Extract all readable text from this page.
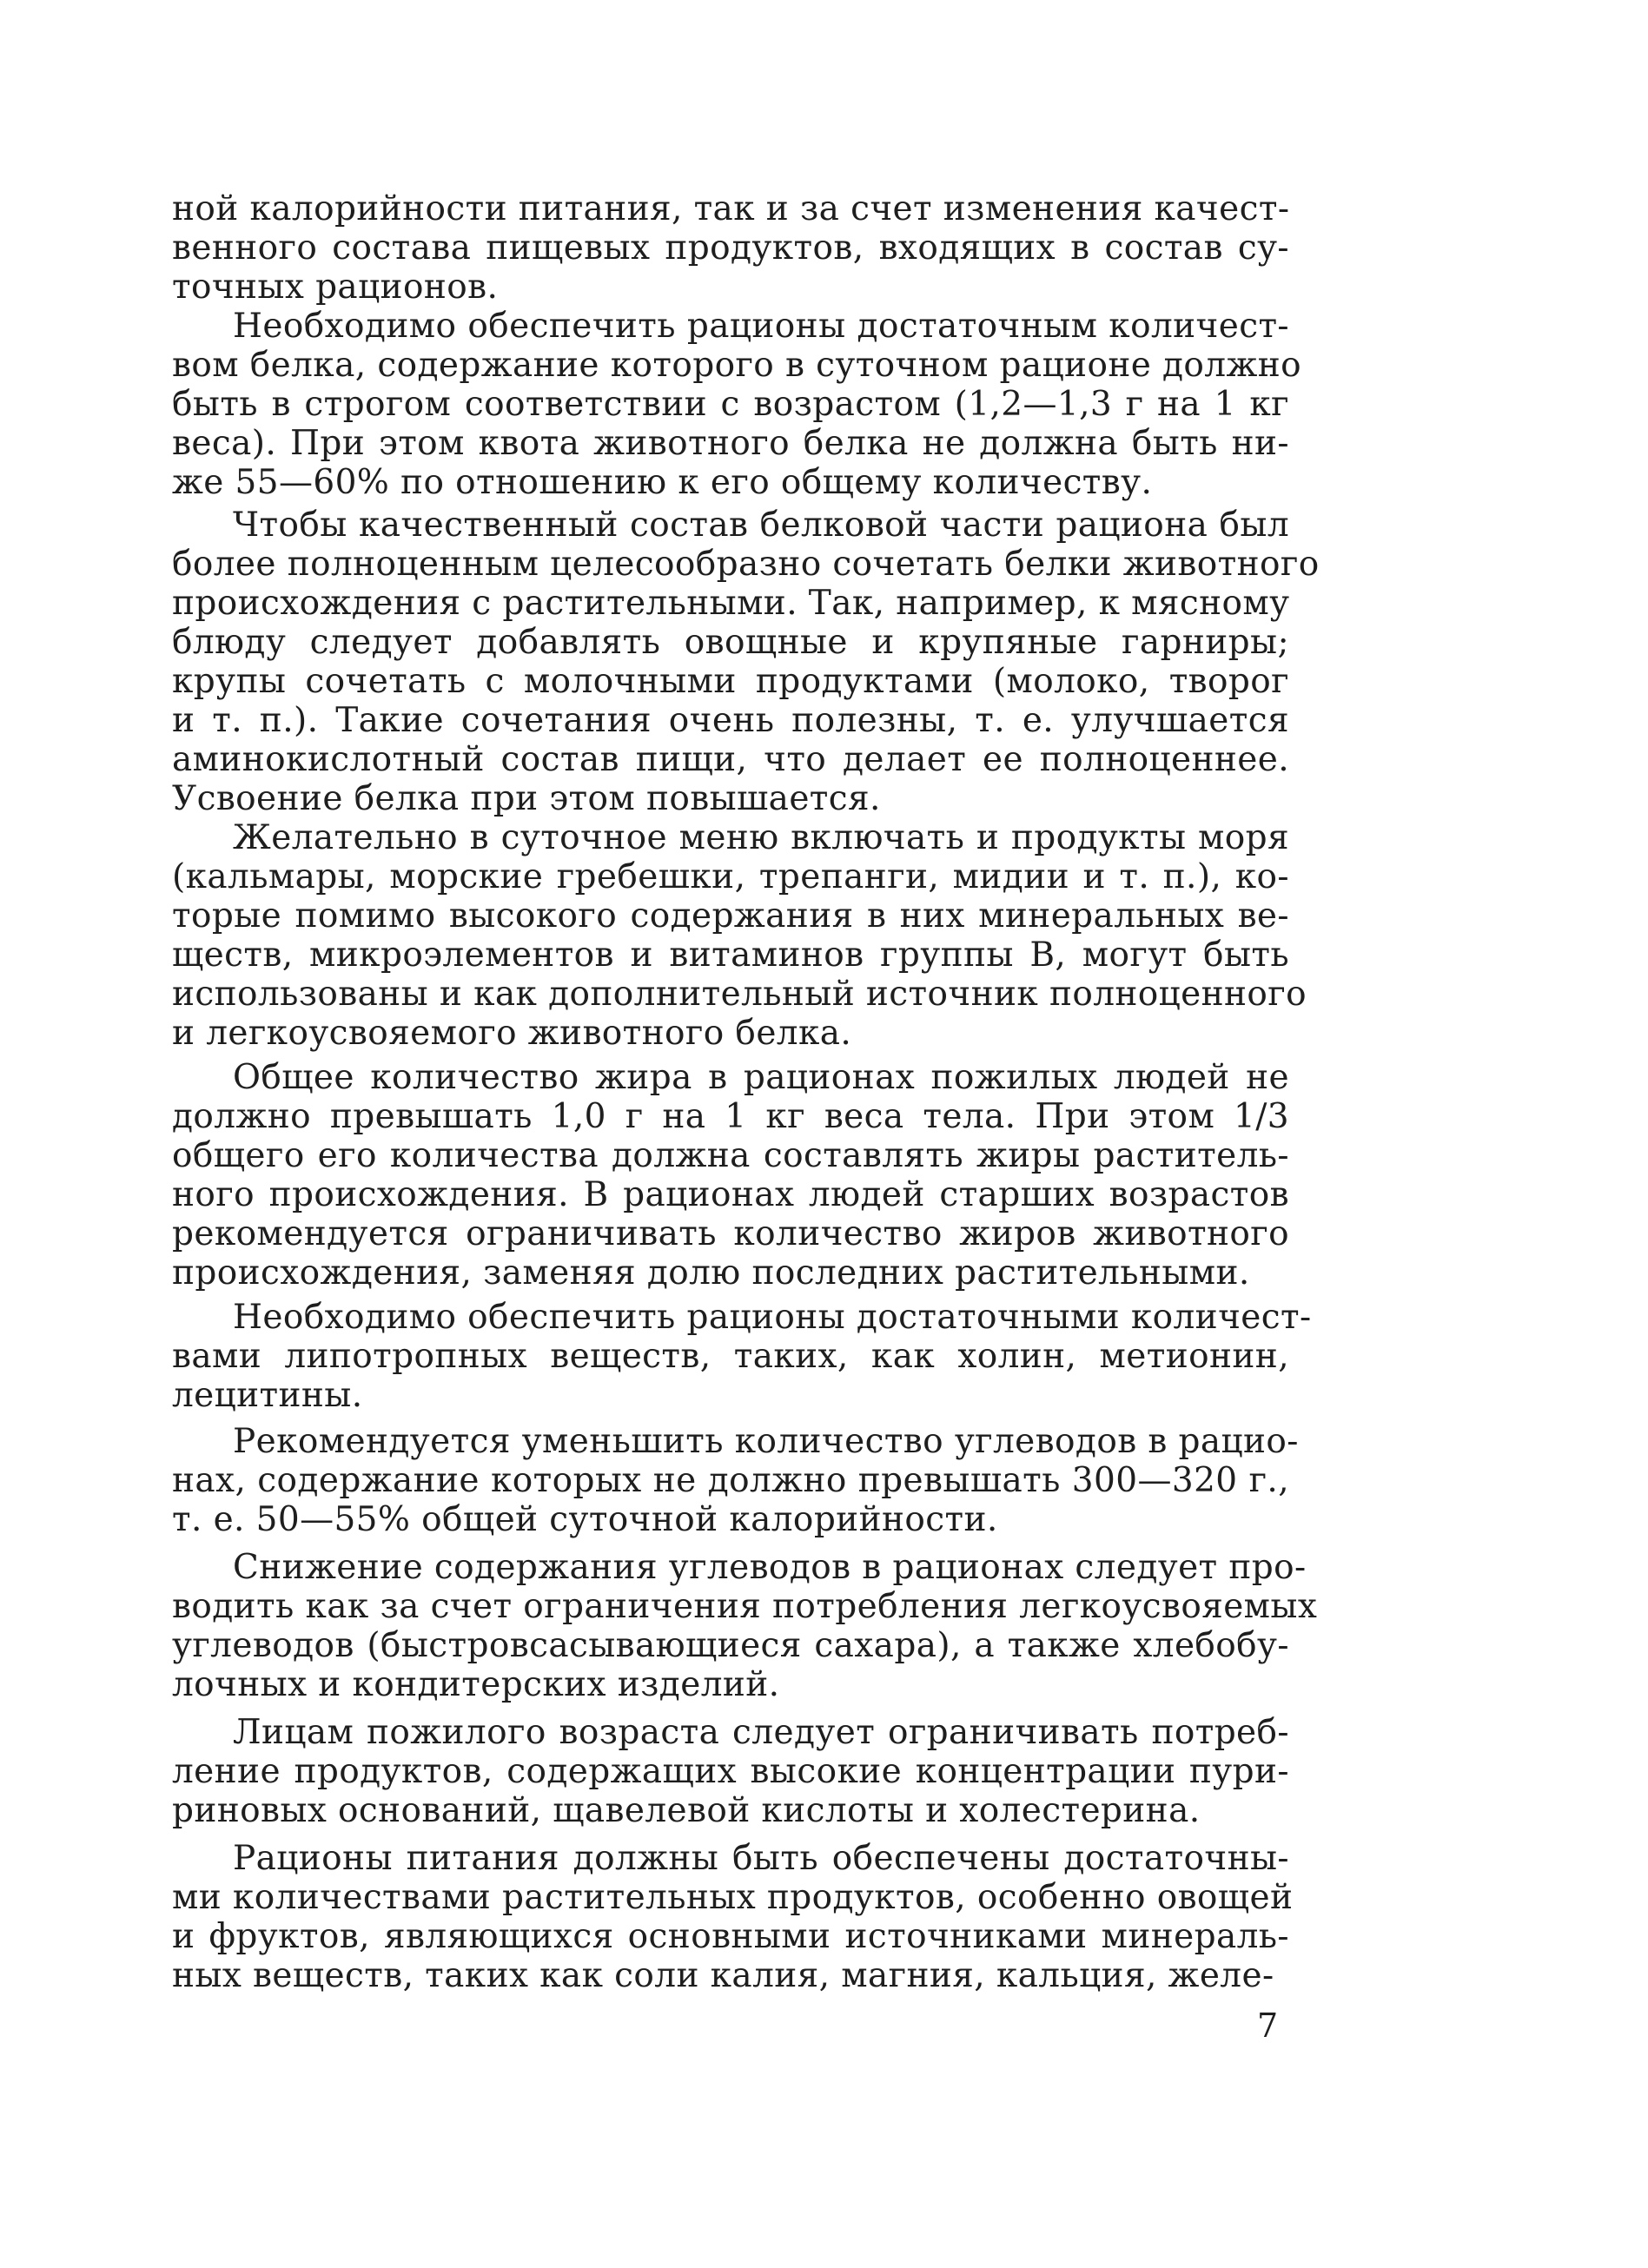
ной калорийности питания, так и за счет изменения качест-
венного состава пищевых продуктов, входящих в состав су-
точных рационов.
Необходимо обеспечить рационы достаточным количест-
вом белка, содержание которого в суточном рационе должно
быть в строгом соответствии с возрастом (1,2—1,3 г на 1 кг
веса). При этом квота животного белка не должна быть ни-
же 55—60% по отношению к его общему количеству.
Чтобы качественный состав белковой части рациона был
более полноценным целесообразно сочетать белки животного
происхождения с растительными. Так, например, к мясному
блюду следует добавлять овощные и крупяные гарниры;
крупы сочетать с молочными продуктами (молоко, творог
и т. п.). Такие сочетания очень полезны, т. е. улучшается
аминокислотный состав пищи, что делает ее полноценнее.
Усвоение белка при этом повышается.
Желательно в суточное меню включать и продукты моря
(кальмары, морские гребешки, трепанги, мидии и т. п.), ко-
торые помимо высокого содержания в них минеральных ве-
ществ, микроэлементов и витаминов группы В, могут быть
использованы и как дополнительный источник полноценного
и легкоусвояемого животного белка.
Общее количество жира в рационах пожилых людей не
должно превышать 1,0 г на 1 кг веса тела. При этом 1/3
общего его количества должна составлять жиры раститель-
ного происхождения. В рационах людей старших возрастов
рекомендуется ограничивать количество жиров животного
происхождения, заменяя долю последних растительными.
Необходимо обеспечить рационы достаточными количест-
вами липотропных веществ, таких, как холин, метионин,
лецитины.
Рекомендуется уменьшить количество углеводов в рацио-
нах, содержание которых не должно превышать 300—320 г.,
т. е. 50—55% общей суточной калорийности.
Снижение содержания углеводов в рационах следует про-
водить как за счет ограничения потребления легкоусвояемых
углеводов (быстровсасывающиеся сахара), а также хлебобу-
лочных и кондитерских изделий.
Лицам пожилого возраста следует ограничивать потреб-
ление продуктов, содержащих высокие концентрации пури-
риновых оснований, щавелевой кислоты и холестерина.
Рационы питания должны быть обеспечены достаточны-
ми количествами растительных продуктов, особенно овощей
и фруктов, являющихся основными источниками минераль-
ных веществ, таких как соли калия, магния, кальция, желе-
7
